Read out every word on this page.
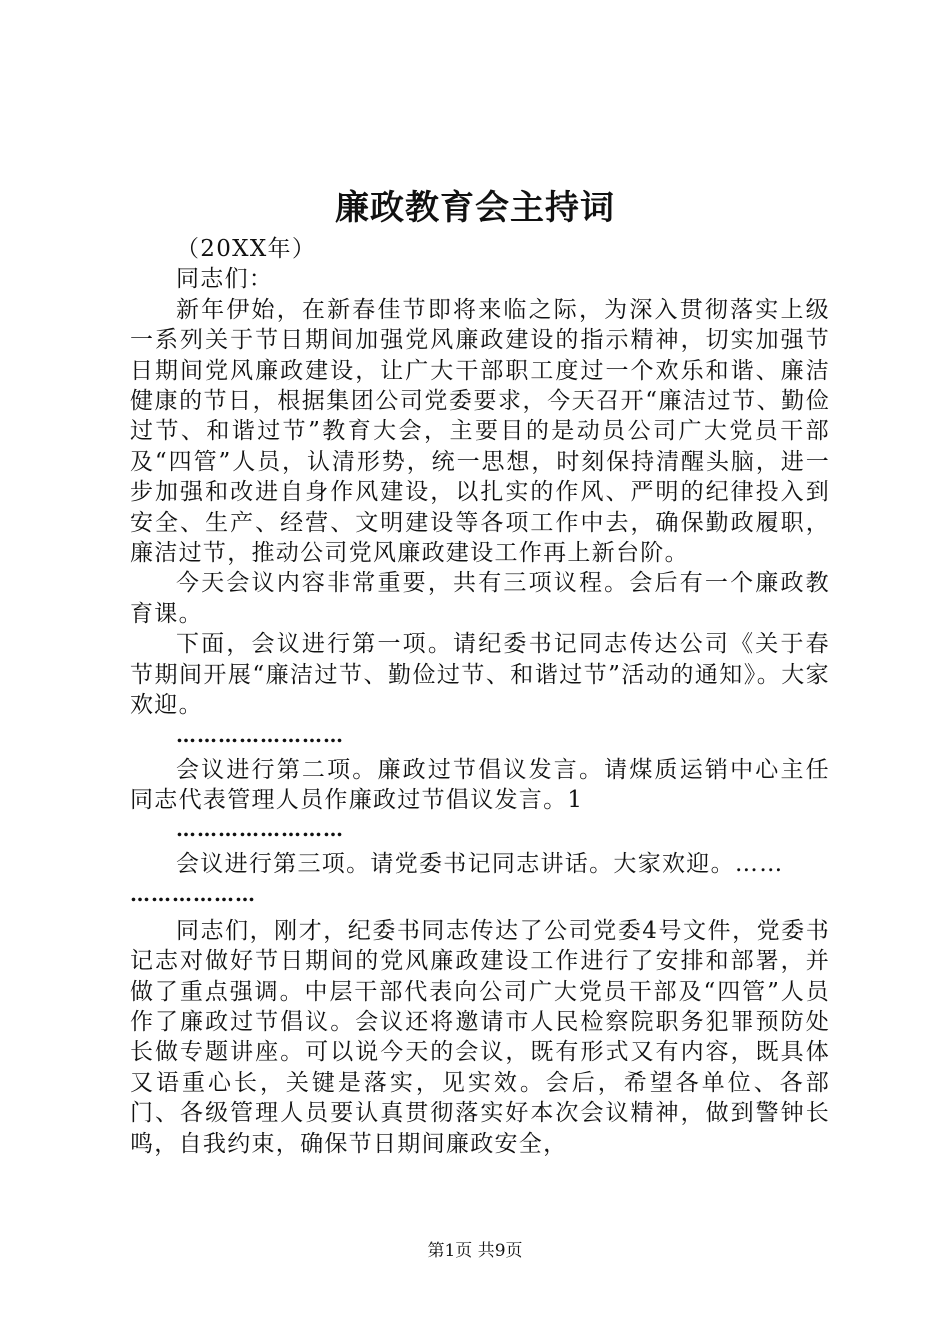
廉政教育会主持词

（20XX年）

同志们：

新年伊始，在新春佳节即将来临之际，为深入贯彻落实上级一系列关于节日期间加强党风廉政建设的指示精神，切实加强节日期间党风廉政建设，让广大干部职工度过一个欢乐和谐、廉洁健康的节日，根据集团公司党委要求，今天召开“廉洁过节、勤俭过节、和谐过节”教育大会，主要目的是动员公司广大党员干部及“四管”人员，认清形势，统一思想，时刻保持清醒头脑，进一步加强和改进自身作风建设，以扎实的作风、严明的纪律投入到安全、生产、经营、文明建设等各项工作中去，确保勤政履职，廉洁过节，推动公司党风廉政建设工作再上新台阶。

今天会议内容非常重要，共有三项议程。会后有一个廉政教育课。

下面，会议进行第一项。请纪委书记同志传达公司《关于春节期间开展“廉洁过节、勤俭过节、和谐过节”活动的通知》。大家欢迎。

……………………

会议进行第二项。廉政过节倡议发言。请煤质运销中心主任同志代表管理人员作廉政过节倡议发言。1

……………………

会议进行第三项。请党委书记同志讲话。大家欢迎。……

………………

同志们，刚才，纪委书同志传达了公司党委4号文件，党委书记志对做好节日期间的党风廉政建设工作进行了安排和部署，并做了重点强调。中层干部代表向公司广大党员干部及“四管”人员作了廉政过节倡议。会议还将邀请市人民检察院职务犯罪预防处长做专题讲座。可以说今天的会议，既有形式又有内容，既具体又语重心长，关键是落实，见实效。会后，希望各单位、各部门、各级管理人员要认真贯彻落实好本次会议精神，做到警钟长鸣，自我约束，确保节日期间廉政安全，

第1页 共9页
